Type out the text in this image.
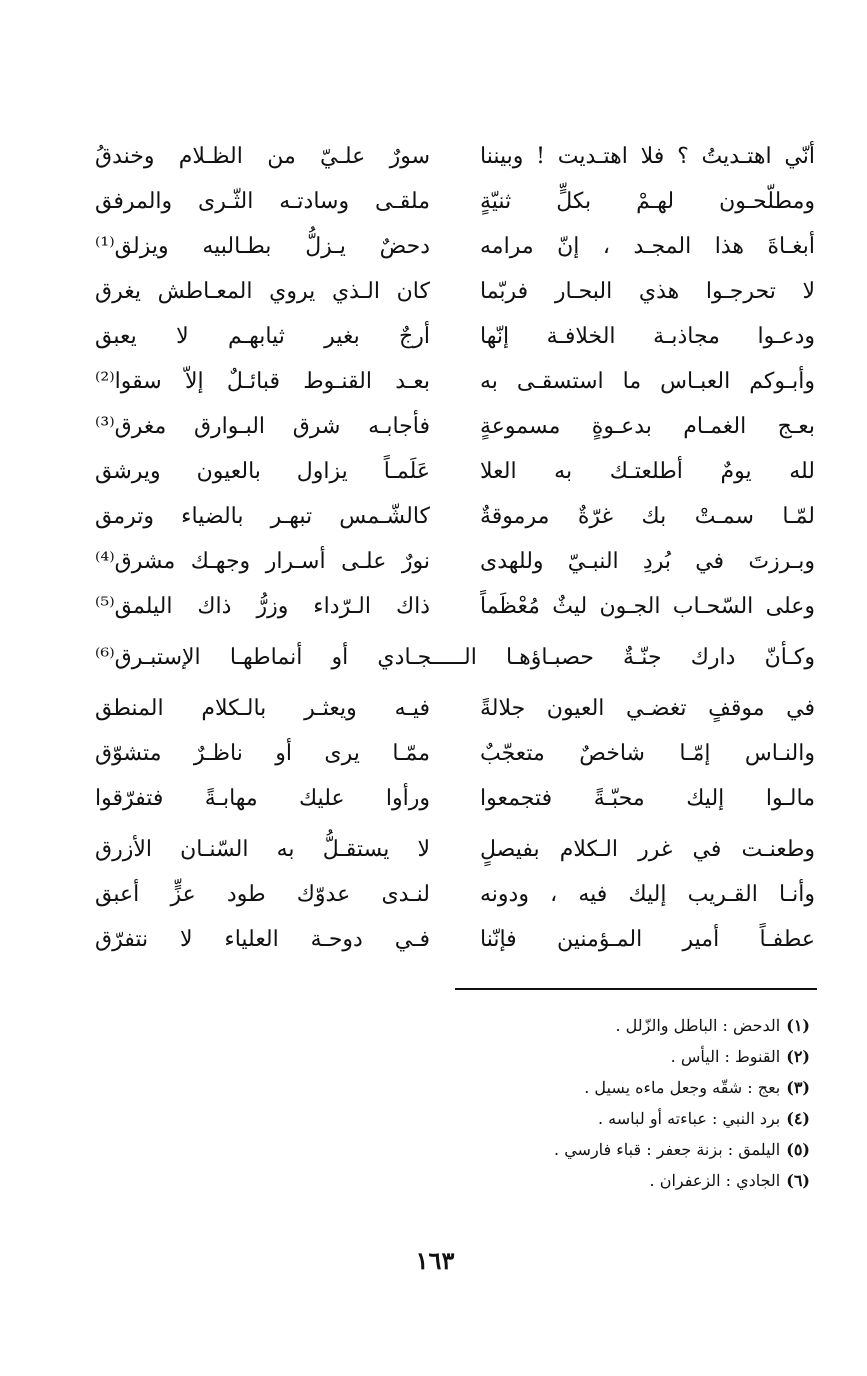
أنّي اهتـديتُ ؟ فلا اهتـديت ! وبيننا
سورٌ علـيّ من الظـلام وخندقُ
ومطلّحـون لهـمْ بكلٍّ ثنيّةٍ
ملقـى وسادتـه الثّـرى والمرفق
أبغـاةَ هذا المجـد ، إنّ مرامه
دحضٌ يـزلُّ بطـالبيه ويزلق⁽¹⁾
لا تحرجـوا هذي البحـار فربّما
كان الـذي يروي المعـاطش يغرق
ودعـوا مجاذبـة الخلافـة إنّها
أرجٌ بغير ثيابهـم لا يعبق
وأبـوكم العبـاس ما استسقـى به
بعـد القنـوط قبائـلٌ إلاّ سقوا⁽²⁾
بعـج الغمـام بدعـوةٍ مسموعةٍ
فأجابـه شرق البـوارق مغرق⁽³⁾
لله يومٌ أطلعتـك به العلا
عَلَمـاً يزاول بالعيون ويرشق
لمّـا سمـتْ بك غرّةٌ مرموقةٌ
كالشّـمس تبهـر بالضياء وترمق
وبـرزتَ في بُردِ النبـيّ وللهدى
نورٌ علـى أسـرار وجهـك مشرق⁽⁴⁾
وعلى السّحـاب الجـون ليثٌ مُعْظَماً
ذاك الـرّداء وزرُّ ذاك اليلمق⁽⁵⁾
وكـأنّ دارك جنّـةٌ حصبـاؤهـا الـــــجـادي أو أنماطهـا الإستبـرق⁽⁶⁾
في موقفٍ تغضـي العيون جلالةً
فيـه ويعثـر بالـكلام المنطق
والنـاس إمّـا شاخصٌ متعجّبٌ
ممّـا يرى أو ناظـرٌ متشوّق
مالـوا إليك محبّـةً فتجمعوا
ورأوا عليك مهابـةً فتفرّقوا
وطعنـت في غرر الـكلام بفيصلٍ
لا يستقـلُّ به السّنـان الأزرق
وأنـا القـريب إليك فيه ، ودونه
لنـدى عدوّك طود عزٍّ أعبق
عطفـاً أمير المـؤمنين فإنّنا
فـي دوحـة العلياء لا نتفرّق
(١)الدحض : الباطل والزّلل .
(٢)القنوط : اليأس .
(٣)بعج : شقّه وجعل ماءه يسيل .
(٤)برد النبي : عباءته أو لباسه .
(٥)اليلمق : بزنة جعفر : قباء فارسي .
(٦)الجادي : الزعفران .
١٦٣
